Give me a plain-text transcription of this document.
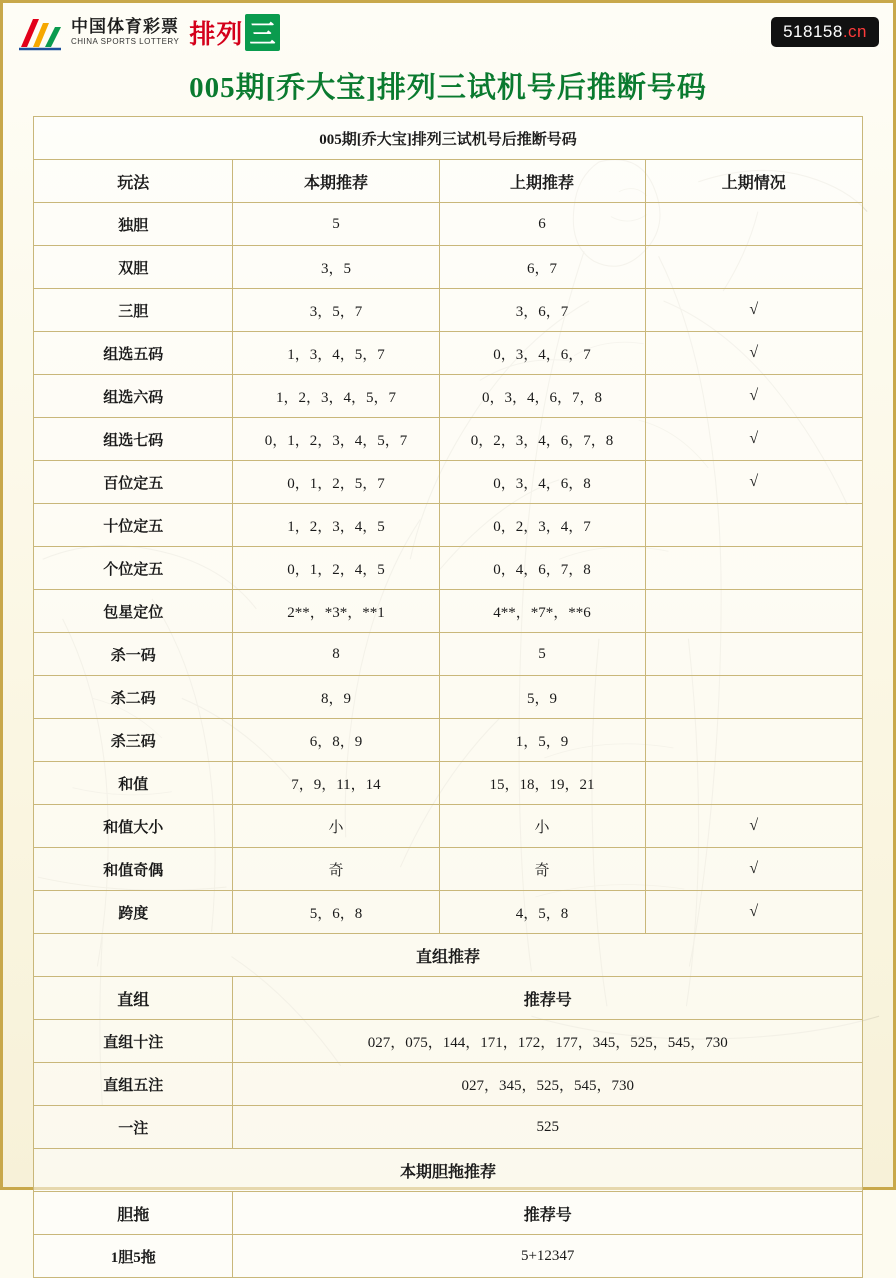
中国体育彩票
CHINA SPORTS LOTTERY 排 列 三	518158.cn
005期[乔大宝]排列三试机号后推断号码
005期[乔大宝]排列三试机号后推断号码			
玩法	本期推荐	上期推荐	上期情况
独胆	5	6	
双胆	3，5	6，7	
三胆	3，5，7	3，6，7	√
组选五码	1，3，4，5，7	0，3，4，6，7	√
组选六码	1，2，3，4，5，7	0，3，4，6，7，8	√
组选七码	0，1，2，3，4，5，7	0，2，3，4，6，7，8	√
百位定五	0，1，2，5，7	0，3，4，6，8	√
十位定五	1，2，3，4，5	0，2，3，4，7	
个位定五	0，1，2，4，5	0，4，6，7，8	
包星定位	2**，*3*，**1	4**，*7*，**6	
杀一码	8	5	
杀二码	8，9	5，9	
杀三码	6，8，9	1，5，9	
和值	7，9，11，14	15，18，19，21	
和值大小	小	小	√
和值奇偶	奇	奇	√
跨度	5，6，8	4，5，8	√
直组推荐			
直组	推荐号		
直组十注	027，075，144，171，172，177，345，525，545，730		
直组五注	027，345，525，545，730		
一注	525		
本期胆拖推荐			
胆拖	推荐号		
1胆5拖	5+12347		
